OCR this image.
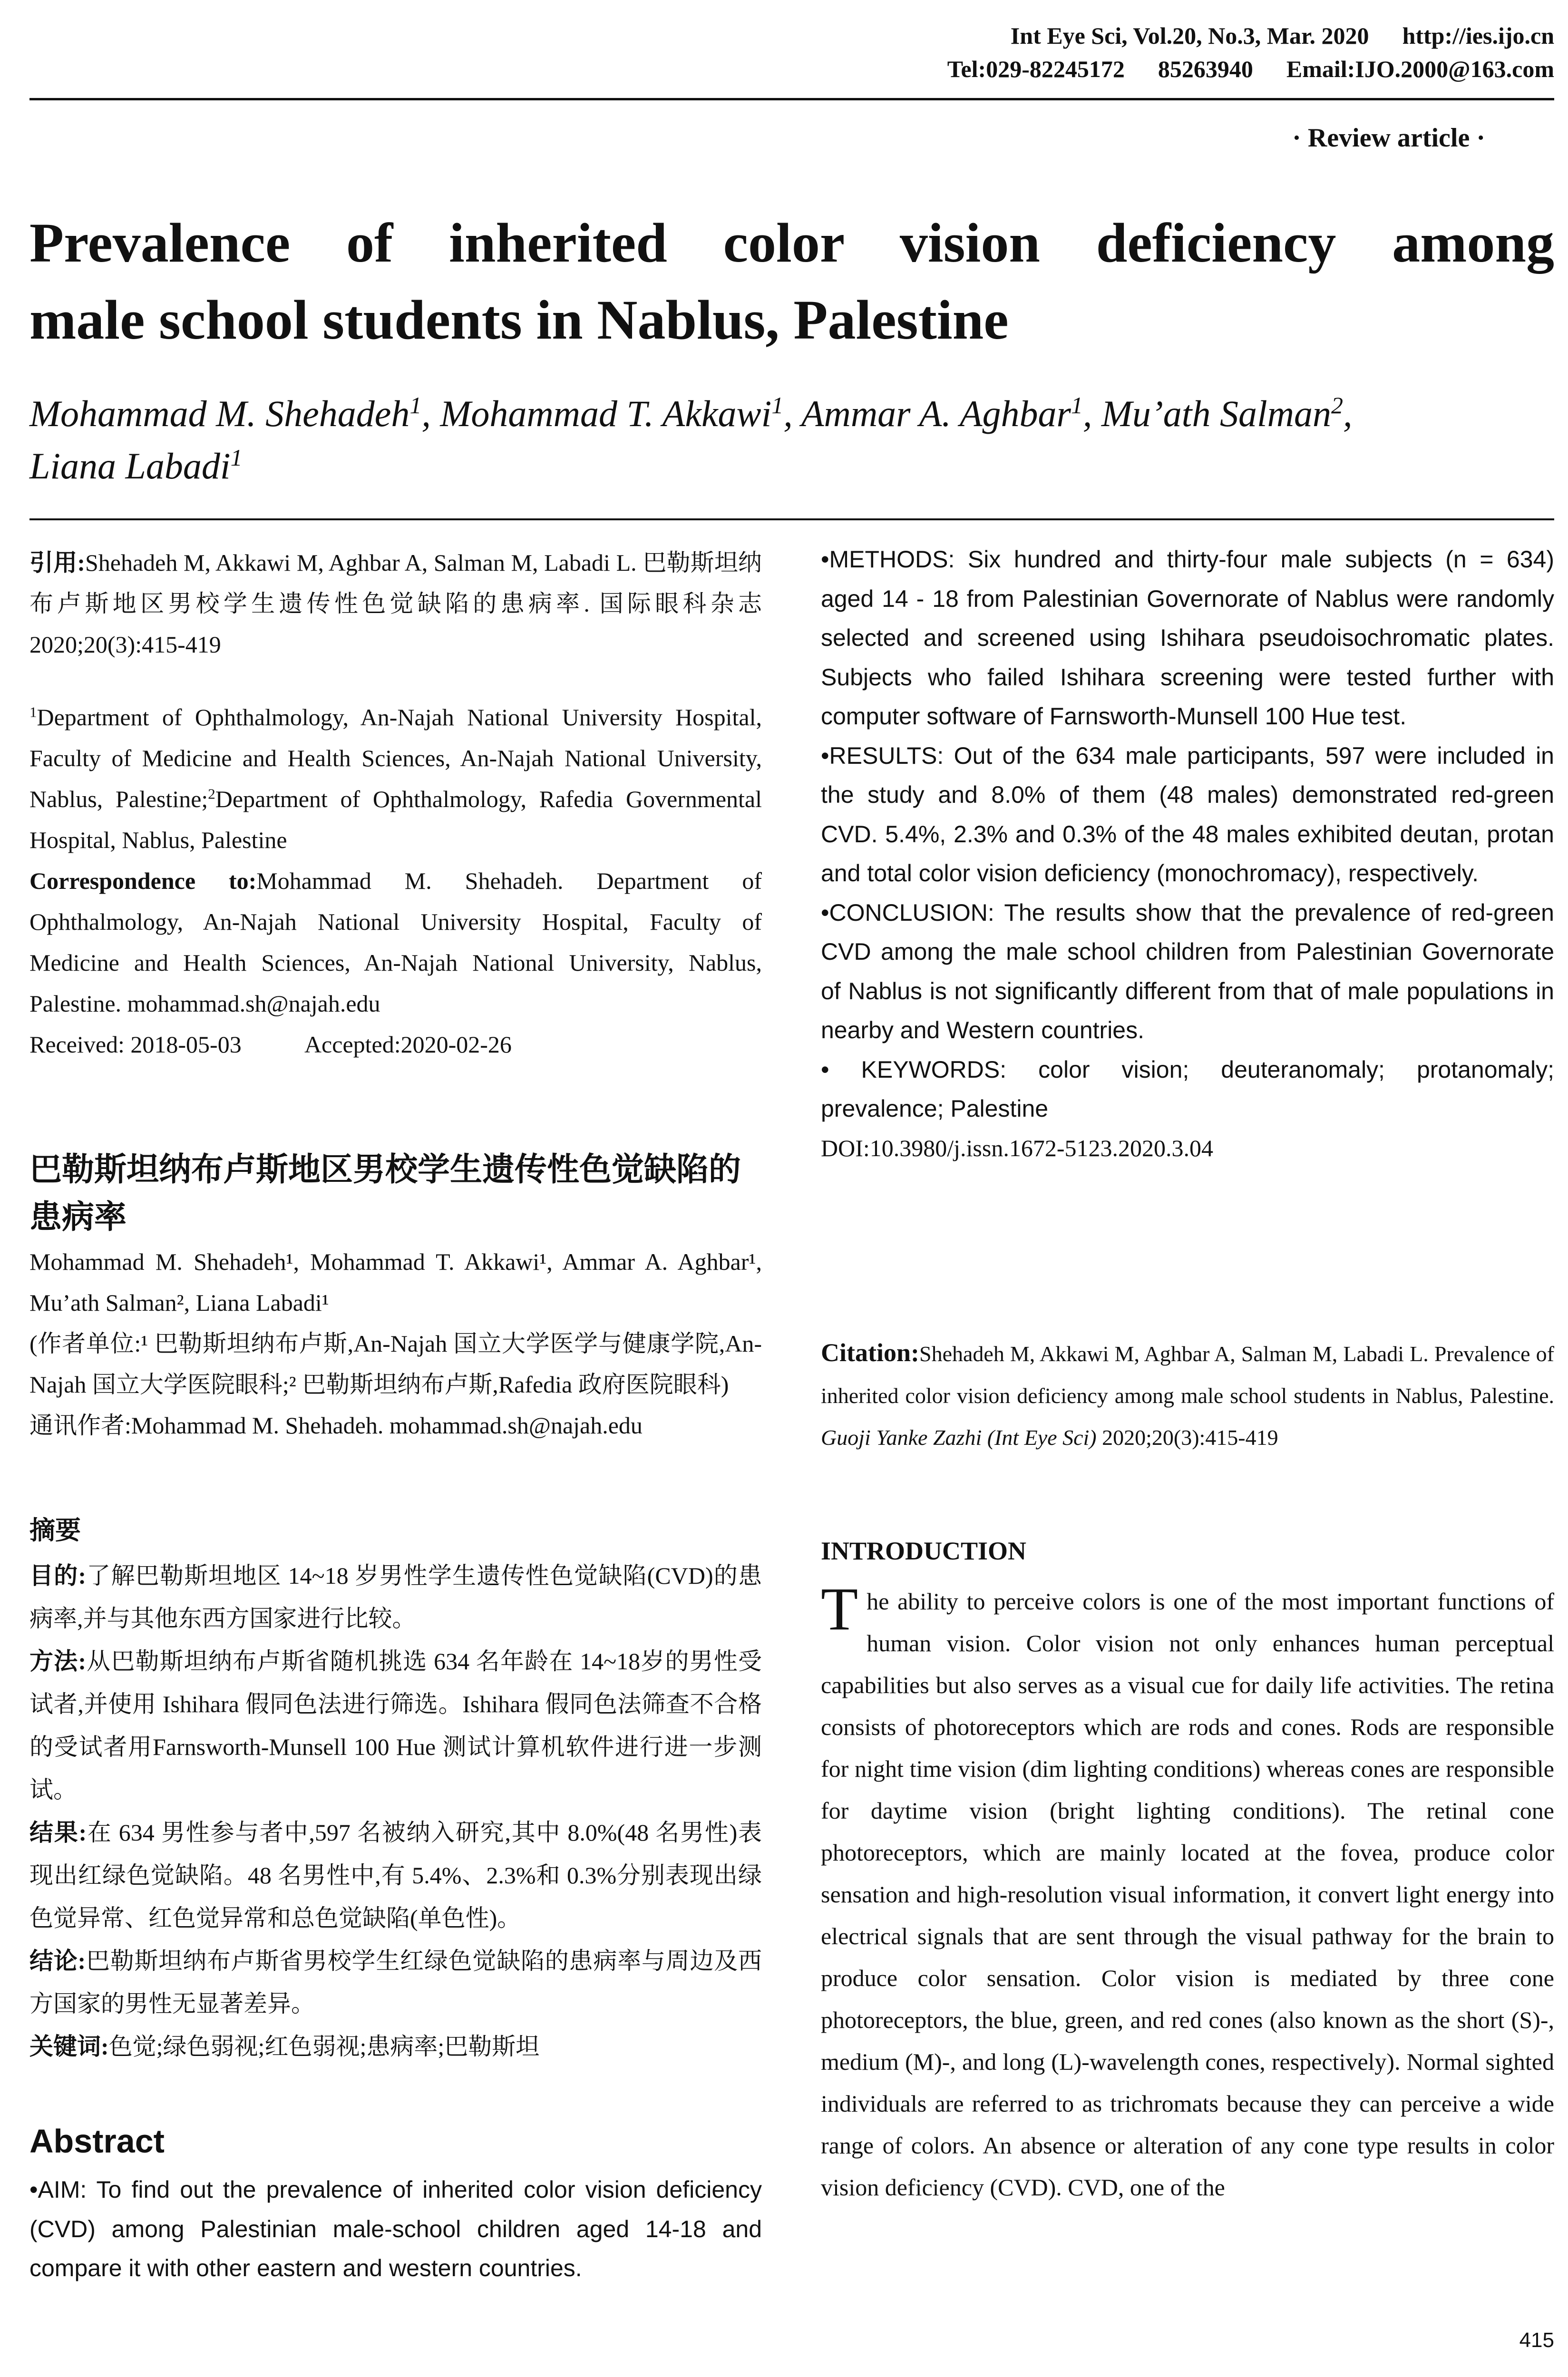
Int Eye Sci, Vol.20, No.3, Mar. 2020 http://ies.ijo.cn
Tel:029-82245172 85263940 Email:IJO.2000@163.com
· Review article ·
Prevalence of inherited color vision deficiency among
male school students in Nablus, Palestine
Mohammad M. Shehadeh$^1$, Mohammad T. Akkawi$^1$, Ammar A. Aghbar$^1$, Mu’ath Salman$^2$,
Liana Labadi$^1$
引用:Shehadeh M, Akkawi M, Aghbar A, Salman M, Labadi L. 巴勒斯坦纳布卢斯地区男校学生遗传性色觉缺陷的患病率. 国际眼科杂志 2020;20(3):415-419

$^1$Department of Ophthalmology, An-Najah National University Hospital, Faculty of Medicine and Health Sciences, An-Najah National University, Nablus, Palestine;$^2$Department of Ophthalmology, Rafedia Governmental Hospital, Nablus, Palestine

Correspondence to:Mohammad M. Shehadeh. Department of Ophthalmology, An-Najah National University Hospital, Faculty of Medicine and Health Sciences, An-Najah National University, Nablus, Palestine. mohammad.sh@najah.edu

Received: 2018-05-03	Accepted:2020-02-26

巴勒斯坦纳布卢斯地区男校学生遗传性色觉缺陷的患病率

Mohammad M. Shehadeh¹, Mohammad T. Akkawi¹, Ammar A. Aghbar¹, Mu’ath Salman², Liana Labadi¹

(作者单位:¹ 巴勒斯坦纳布卢斯,An-Najah 国立大学医学与健康学院,An-Najah 国立大学医院眼科;² 巴勒斯坦纳布卢斯,Rafedia 政府医院眼科)

通讯作者:Mohammad M. Shehadeh. mohammad.sh@najah.edu

摘要

目的:了解巴勒斯坦地区 14~18 岁男性学生遗传性色觉缺陷(CVD)的患病率,并与其他东西方国家进行比较。

方法:从巴勒斯坦纳布卢斯省随机挑选 634 名年龄在 14~18岁的男性受试者,并使用 Ishihara 假同色法进行筛选。Ishihara 假同色法筛查不合格的受试者用Farnsworth-Munsell 100 Hue 测试计算机软件进行进一步测试。

结果:在 634 男性参与者中,597 名被纳入研究,其中 8.0%(48 名男性)表现出红绿色觉缺陷。48 名男性中,有 5.4%、2.3%和 0.3%分别表现出绿色觉异常、红色觉异常和总色觉缺陷(单色性)。

结论:巴勒斯坦纳布卢斯省男校学生红绿色觉缺陷的患病率与周边及西方国家的男性无显著差异。

关键词:色觉;绿色弱视;红色弱视;患病率;巴勒斯坦

Abstract
•AIM: To find out the prevalence of inherited color vision deficiency (CVD) among Palestinian male-school children aged 14-18 and compare it with other eastern and western countries.

•METHODS: Six hundred and thirty-four male subjects (n = 634) aged 14 - 18 from Palestinian Governorate of Nablus were randomly selected and screened using Ishihara pseudoisochromatic plates. Subjects who failed Ishihara screening were tested further with computer software of Farnsworth-Munsell 100 Hue test.

•RESULTS: Out of the 634 male participants, 597 were included in the study and 8.0% of them (48 males) demonstrated red-green CVD. 5.4%, 2.3% and 0.3% of the 48 males exhibited deutan, protan and total color vision deficiency (monochromacy), respectively.

•CONCLUSION: The results show that the prevalence of red-green CVD among the male school children from Palestinian Governorate of Nablus is not significantly different from that of male populations in nearby and Western countries.

• KEYWORDS: color vision; deuteranomaly; protanomaly; prevalence; Palestine

DOI:10.3980/j.issn.1672-5123.2020.3.04

Citation:Shehadeh M, Akkawi M, Aghbar A, Salman M, Labadi L. Prevalence of inherited color vision deficiency among male school students in Nablus, Palestine. Guoji Yanke Zazhi (Int Eye Sci) 2020;20(3):415-419
INTRODUCTION
The ability to perceive colors is one of the most important functions of human vision. Color vision not only enhances human perceptual capabilities but also serves as a visual cue for daily life activities. The retina consists of photoreceptors which are rods and cones. Rods are responsible for night time vision (dim lighting conditions) whereas cones are responsible for daytime vision (bright lighting conditions). The retinal cone photoreceptors, which are mainly located at the fovea, produce color sensation and high-resolution visual information, it convert light energy into electrical signals that are sent through the visual pathway for the brain to produce color sensation. Color vision is mediated by three cone photoreceptors, the blue, green, and red cones (also known as the short (S)-, medium (M)-, and long (L)-wavelength cones, respectively). Normal sighted individuals are referred to as trichromats because they can perceive a wide range of colors. An absence or alteration of any cone type results in color vision deficiency (CVD). CVD, one of the
415
